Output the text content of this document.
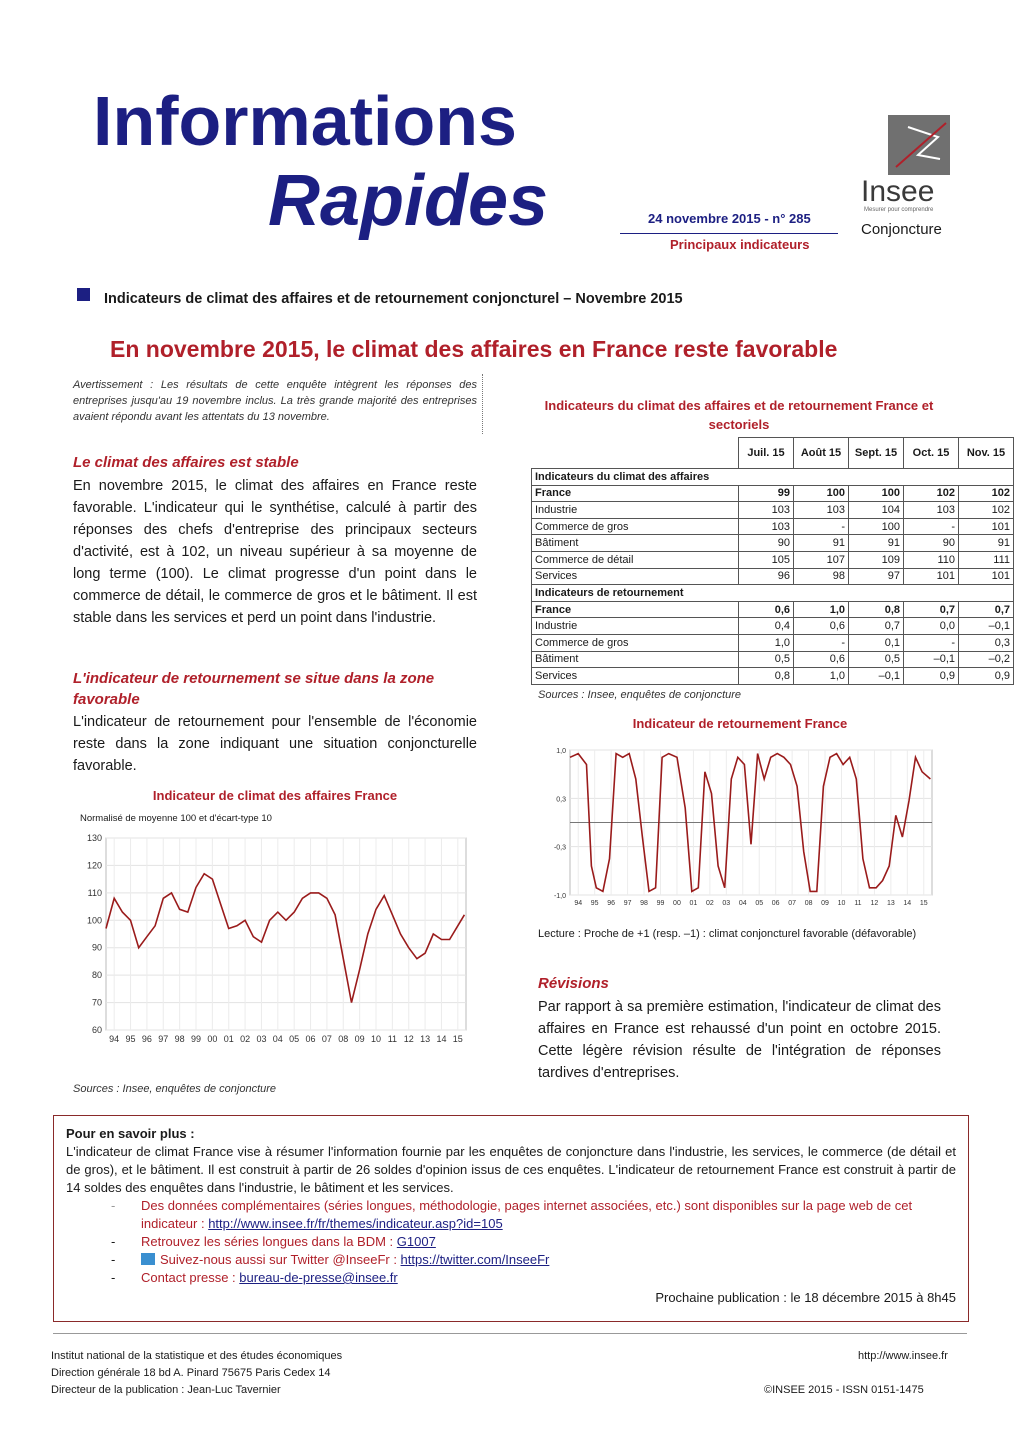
Informations
Rapides	24 novembre 2015 - n° 285
Principaux indicateurs
Insee
Mesurer pour comprendre
Conjoncture
Indicateurs de climat des affaires et de retournement conjoncturel – Novembre 2015
En novembre 2015, le climat des affaires en France reste favorable
Avertissement : Les résultats de cette enquête intègrent les réponses des entreprises jusqu'au 19 novembre inclus. La très grande majorité des entreprises avaient répondu avant les attentats du 13 novembre.
Le climat des affaires est stable
En novembre 2015, le climat des affaires en France reste favorable. L'indicateur qui le synthétise, calculé à partir des réponses des chefs d'entreprise des principaux secteurs d'activité, est à 102, un niveau supérieur à sa moyenne de long terme (100). Le climat progresse d'un point dans le commerce de détail, le commerce de gros et le bâtiment. Il est stable dans les services et perd un point dans l'industrie.
L'indicateur de retournement se situe dans la zone favorable
L'indicateur de retournement pour l'ensemble de l'économie reste dans la zone indiquant une situation conjoncturelle favorable.
Indicateur de climat des affaires France
Normalisé de moyenne 100 et d'écart-type 10
130
120
110
100
90
80
70
60
94 95 96 97 98 99 00 01 02 03 04 05 06 07 08 09 10 11 12 13 14 15
Sources : Insee, enquêtes de conjoncture
Indicateurs du climat des affaires et de retournement France et sectoriels
	Juil. 15	Août 15	Sept. 15	Oct. 15	Nov. 15
Indicateurs du climat des affaires					
France	99	100	100	102	102
Industrie	103	103	104	103	102
Commerce de gros	103	-	100	-	101
Bâtiment	90	91	91	90	91
Commerce de détail	105	107	109	110	111
Services	96	98	97	101	101
Indicateurs de retournement					
France	0,6	1,0	0,8	0,7	0,7
Industrie	0,4	0,6	0,7	0,0	–0,1
Commerce de gros	1,0	-	0,1	-	0,3
Bâtiment	0,5	0,6	0,5	–0,1	–0,2
Services	0,8	1,0	–0,1	0,9	0,9
Sources : Insee, enquêtes de conjoncture
Indicateur de retournement France
1,0
0,3
-0,3
-1,0
94 95 96 97 98 99 00 01 02 03 04 05 06 07 08 09 10 11 12 13 14 15
Lecture : Proche de +1 (resp. –1) : climat conjoncturel favorable (défavorable)
Révisions
Par rapport à sa première estimation, l'indicateur de climat des affaires en France est rehaussé d'un point en octobre 2015. Cette légère révision résulte de l'intégration de réponses tardives d'entreprises.
Pour en savoir plus :
L'indicateur de climat France vise à résumer l'information fournie par les enquêtes de conjoncture dans l'industrie, les services, le commerce (de détail et de gros), et le bâtiment. Il est construit à partir de 26 soldes d'opinion issus de ces enquêtes. L'indicateur de retournement France est construit à partir de 14 soldes des enquêtes dans l'industrie, le bâtiment et les services.
- Des données complémentaires (séries longues, méthodologie, pages internet associées, etc.) sont disponibles sur la page web de cet indicateur : http://www.insee.fr/fr/themes/indicateur.asp?id=105
- Retrouvez les séries longues dans la BDM : G1007
-	Suivez-nous aussi sur Twitter @InseeFr : https://twitter.com/InseeFr
- Contact presse : bureau-de-presse@insee.fr
Prochaine publication : le 18 décembre 2015 à 8h45
Institut national de la statistique et des études économiques
Direction générale 18 bd A. Pinard 75675 Paris Cedex 14
Directeur de la publication : Jean-Luc Tavernier
http://www.insee.fr
©INSEE 2015 - ISSN 0151-1475
